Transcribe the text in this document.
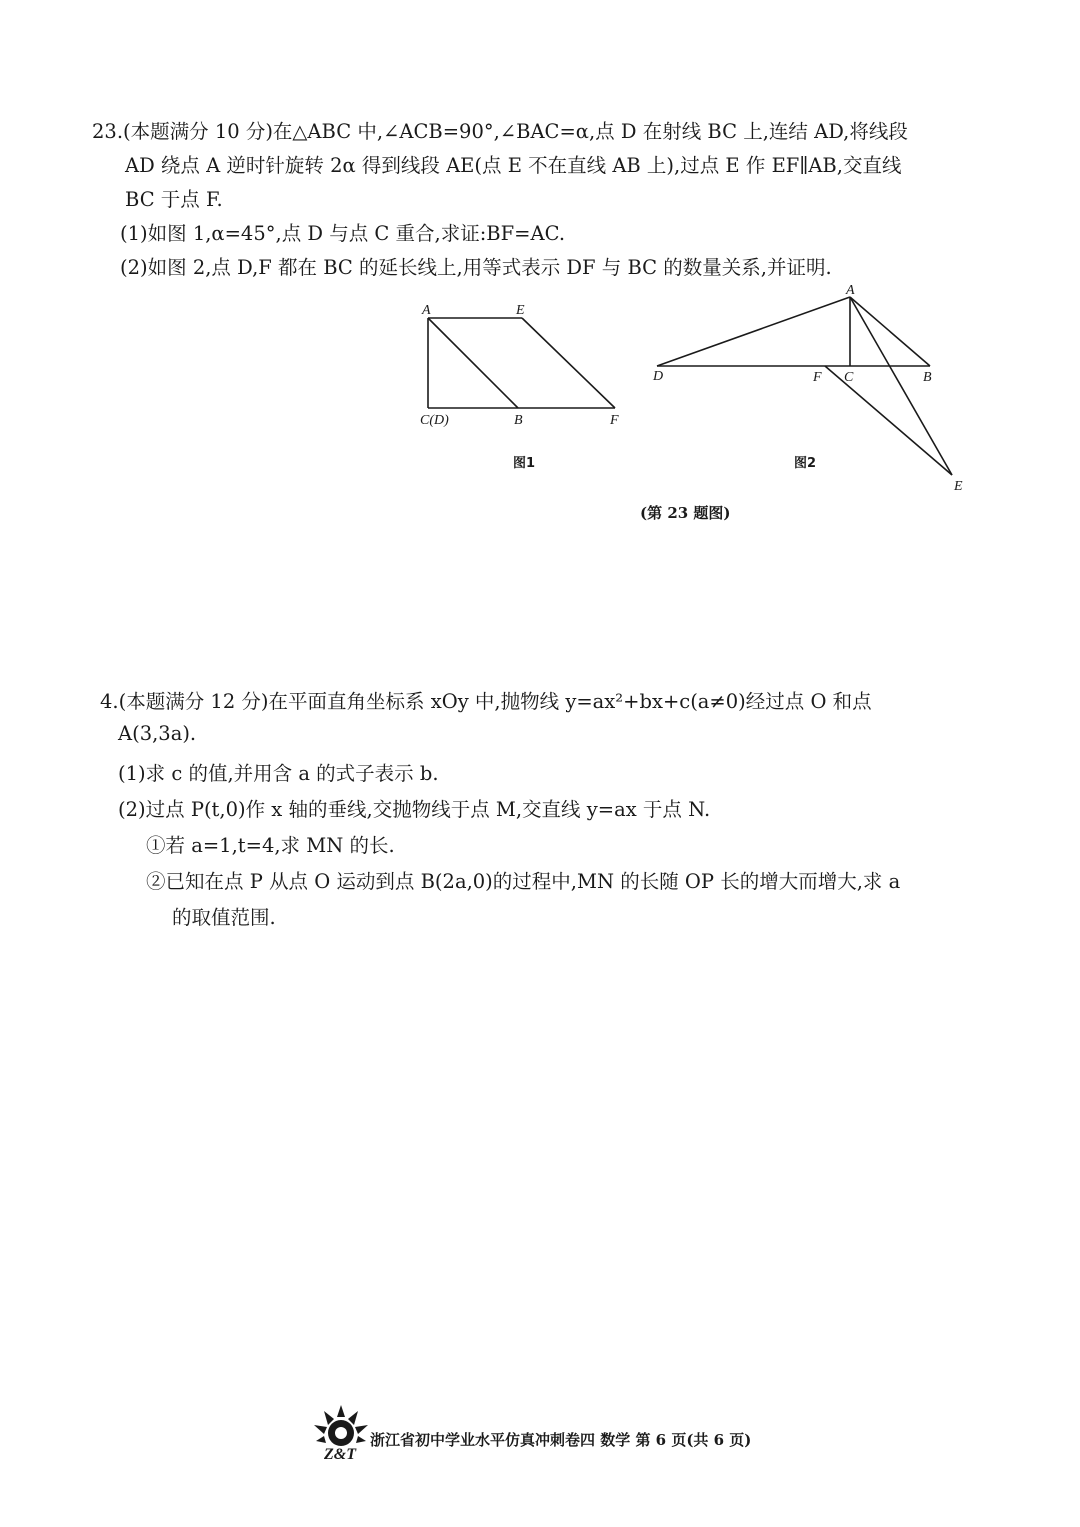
23.(本题满分 10 分)在△ABC 中,∠ACB=90°,∠BAC=α,点 D 在射线 BC 上,连结 AD,将线段
AD 绕点 A 逆时针旋转 2α 得到线段 AE(点 E 不在直线 AB 上),过点 E 作 EF∥AB,交直线
BC 于点 F.
(1)如图 1,α=45°,点 D 与点 C 重合,求证:BF=AC.
(2)如图 2,点 D,F 都在 BC 的延长线上,用等式表示 DF 与 BC 的数量关系,并证明.
A	E
C(D)	B	F
图1
A
D	F C	B
E
图2
(第 23 题图)
4.(本题满分 12 分)在平面直角坐标系 xOy 中,抛物线 y=ax²+bx+c(a≠0)经过点 O 和点
A(3,3a).
(1)求 c 的值,并用含 a 的式子表示 b.
(2)过点 P(t,0)作 x 轴的垂线,交抛物线于点 M,交直线 y=ax 于点 N.
①若 a=1,t=4,求 MN 的长.
②已知在点 P 从点 O 运动到点 B(2a,0)的过程中,MN 的长随 OP 长的增大而增大,求 a
的取值范围.
Z&T
浙江省初中学业水平仿真冲刺卷四 数学 第 6 页(共 6 页)
